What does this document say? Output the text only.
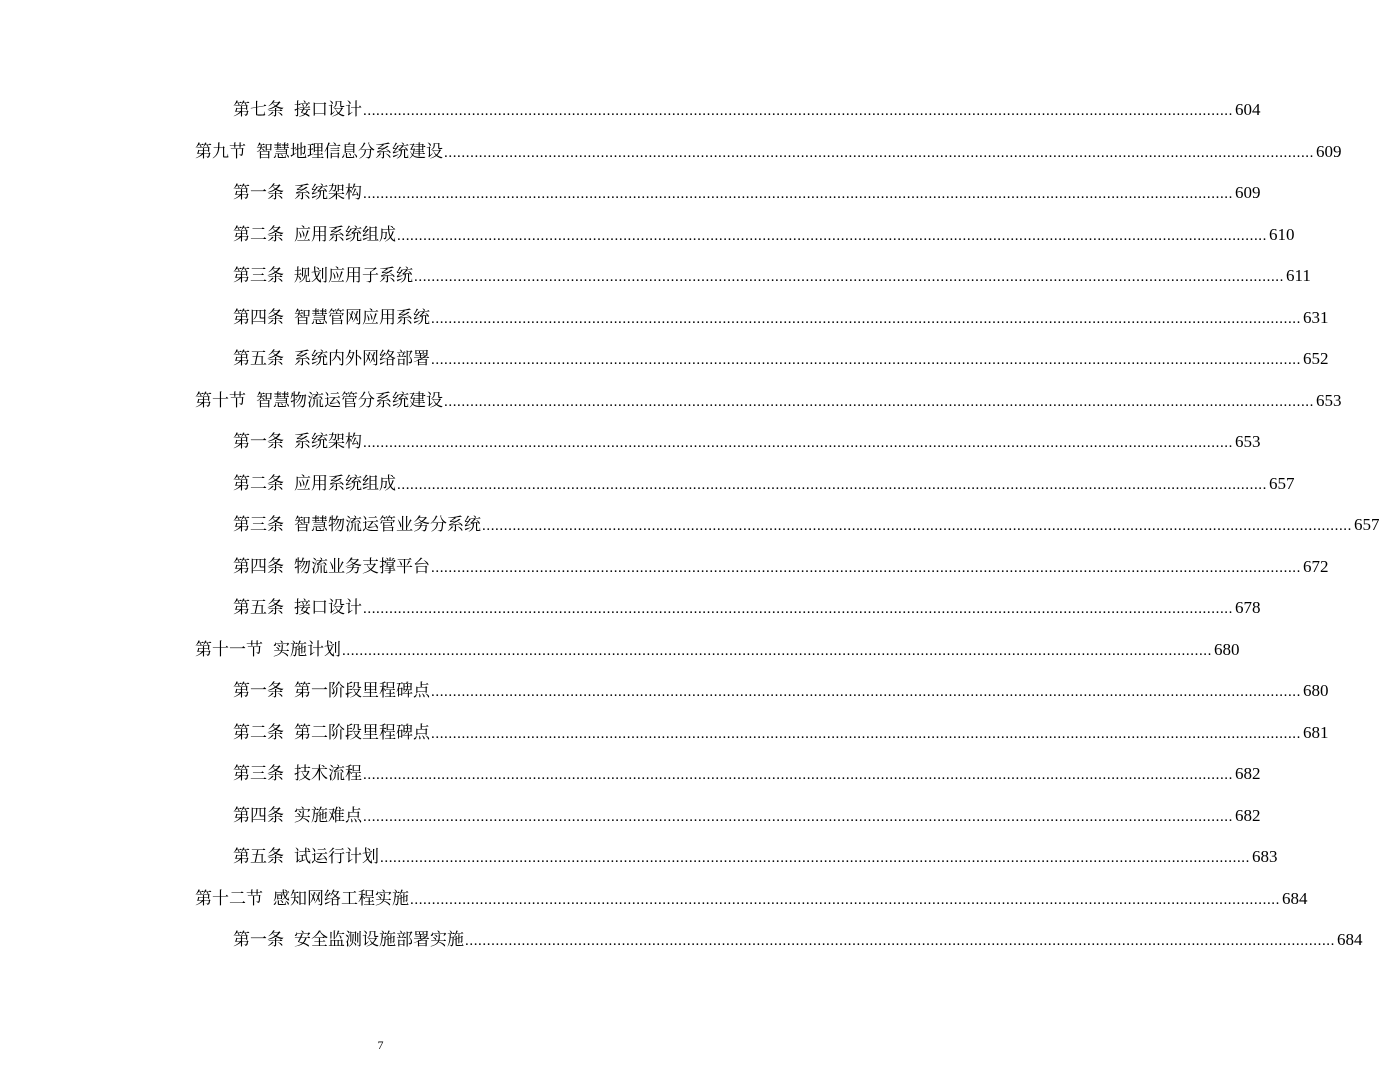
第七条 接口设计 ........................................................................................................................................................................................................ 604
第九节 智慧地理信息分系统建设 ........................................................................................................................................................................................................ 609
第一条 系统架构 ........................................................................................................................................................................................................ 609
第二条 应用系统组成 ........................................................................................................................................................................................................ 610
第三条 规划应用子系统 ........................................................................................................................................................................................................ 611
第四条 智慧管网应用系统 ........................................................................................................................................................................................................ 631
第五条 系统内外网络部署 ........................................................................................................................................................................................................ 652
第十节 智慧物流运管分系统建设 ........................................................................................................................................................................................................ 653
第一条 系统架构 ........................................................................................................................................................................................................ 653
第二条 应用系统组成 ........................................................................................................................................................................................................ 657
第三条 智慧物流运管业务分系统 ........................................................................................................................................................................................................ 657
第四条 物流业务支撑平台 ........................................................................................................................................................................................................ 672
第五条 接口设计 ........................................................................................................................................................................................................ 678
第十一节 实施计划 ........................................................................................................................................................................................................ 680
第一条 第一阶段里程碑点 ........................................................................................................................................................................................................ 680
第二条 第二阶段里程碑点 ........................................................................................................................................................................................................ 681
第三条 技术流程 ........................................................................................................................................................................................................ 682
第四条 实施难点 ........................................................................................................................................................................................................ 682
第五条 试运行计划 ........................................................................................................................................................................................................ 683
第十二节 感知网络工程实施 ........................................................................................................................................................................................................ 684
第一条 安全监测设施部署实施 ........................................................................................................................................................................................................ 684
7
